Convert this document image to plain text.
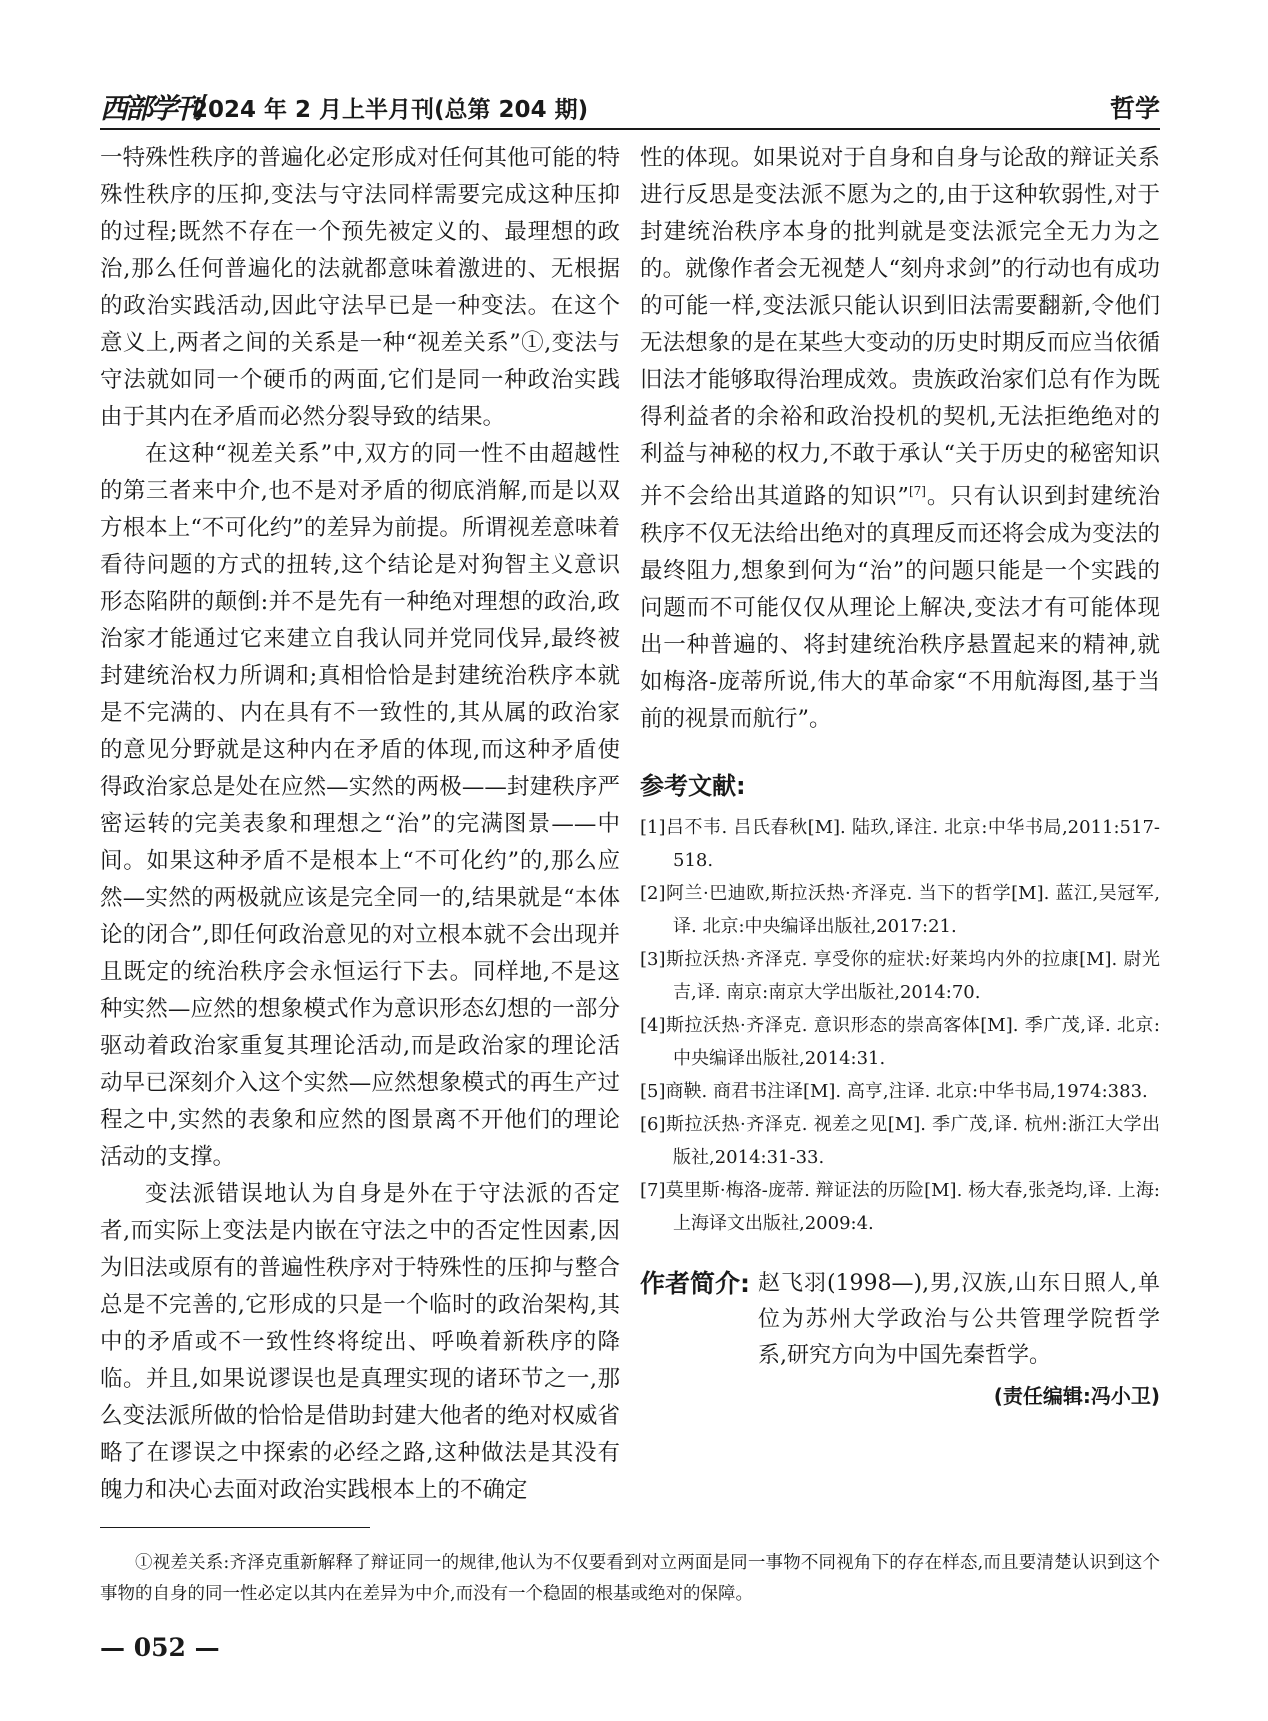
西部学刊
2024 年 2 月上半月刊(总第 204 期)	哲学

一特殊性秩序的普遍化必定形成对任何其他可能的特殊性秩序的压抑,变法与守法同样需要完成这种压抑的过程;既然不存在一个预先被定义的、最理想的政治,那么任何普遍化的法就都意味着激进的、无根据的政治实践活动,因此守法早已是一种变法。在这个意义上,两者之间的关系是一种“视差关系”①,变法与守法就如同一个硬币的两面,它们是同一种政治实践由于其内在矛盾而必然分裂导致的结果。

在这种“视差关系”中,双方的同一性不由超越性的第三者来中介,也不是对矛盾的彻底消解,而是以双方根本上“不可化约”的差异为前提。所谓视差意味着看待问题的方式的扭转,这个结论是对狗智主义意识形态陷阱的颠倒:并不是先有一种绝对理想的政治,政治家才能通过它来建立自我认同并党同伐异,最终被封建统治权力所调和;真相恰恰是封建统治秩序本就是不完满的、内在具有不一致性的,其从属的政治家的意见分野就是这种内在矛盾的体现,而这种矛盾使得政治家总是处在应然—实然的两极——封建秩序严密运转的完美表象和理想之“治”的完满图景——中间。如果这种矛盾不是根本上“不可化约”的,那么应然—实然的两极就应该是完全同一的,结果就是“本体论的闭合”,即任何政治意见的对立根本就不会出现并且既定的统治秩序会永恒运行下去。同样地,不是这种实然—应然的想象模式作为意识形态幻想的一部分驱动着政治家重复其理论活动,而是政治家的理论活动早已深刻介入这个实然—应然想象模式的再生产过程之中,实然的表象和应然的图景离不开他们的理论活动的支撑。

变法派错误地认为自身是外在于守法派的否定者,而实际上变法是内嵌在守法之中的否定性因素,因为旧法或原有的普遍性秩序对于特殊性的压抑与整合总是不完善的,它形成的只是一个临时的政治架构,其中的矛盾或不一致性终将绽出、呼唤着新秩序的降临。并且,如果说谬误也是真理实现的诸环节之一,那么变法派所做的恰恰是借助封建大他者的绝对权威省略了在谬误之中探索的必经之路,这种做法是其没有魄力和决心去面对政治实践根本上的不确定

性的体现。如果说对于自身和自身与论敌的辩证关系进行反思是变法派不愿为之的,由于这种软弱性,对于封建统治秩序本身的批判就是变法派完全无力为之的。就像作者会无视楚人“刻舟求剑”的行动也有成功的可能一样,变法派只能认识到旧法需要翻新,令他们无法想象的是在某些大变动的历史时期反而应当依循旧法才能够取得治理成效。贵族政治家们总有作为既得利益者的余裕和政治投机的契机,无法拒绝绝对的利益与神秘的权力,不敢于承认“关于历史的秘密知识并不会给出其道路的知识”[7]。只有认识到封建统治秩序不仅无法给出绝对的真理反而还将会成为变法的最终阻力,想象到何为“治”的问题只能是一个实践的问题而不可能仅仅从理论上解决,变法才有可能体现出一种普遍的、将封建统治秩序悬置起来的精神,就如梅洛-庞蒂所说,伟大的革命家“不用航海图,基于当前的视景而航行”。

参考文献:
[1]吕不韦. 吕氏春秋[M]. 陆玖,译注. 北京:中华书局,2011:517-518.
[2]阿兰·巴迪欧,斯拉沃热·齐泽克. 当下的哲学[M]. 蓝江,吴冠军,译. 北京:中央编译出版社,2017:21.
[3]斯拉沃热·齐泽克. 享受你的症状:好莱坞内外的拉康[M]. 尉光吉,译. 南京:南京大学出版社,2014:70.
[4]斯拉沃热·齐泽克. 意识形态的崇高客体[M]. 季广茂,译. 北京:中央编译出版社,2014:31.
[5]商鞅. 商君书注译[M]. 高亨,注译. 北京:中华书局,1974:383.
[6]斯拉沃热·齐泽克. 视差之见[M]. 季广茂,译. 杭州:浙江大学出版社,2014:31-33.
[7]莫里斯·梅洛-庞蒂. 辩证法的历险[M]. 杨大春,张尧均,译. 上海:上海译文出版社,2009:4.
作者简介: 赵飞羽(1998—),男,汉族,山东日照人,单位为苏州大学政治与公共管理学院哲学系,研究方向为中国先秦哲学。
(责任编辑:冯小卫)
①视差关系:齐泽克重新解释了辩证同一的规律,他认为不仅要看到对立两面是同一事物不同视角下的存在样态,而且要清楚认识到这个事物的自身的同一性必定以其内在差异为中介,而没有一个稳固的根基或绝对的保障。
— 052 —
